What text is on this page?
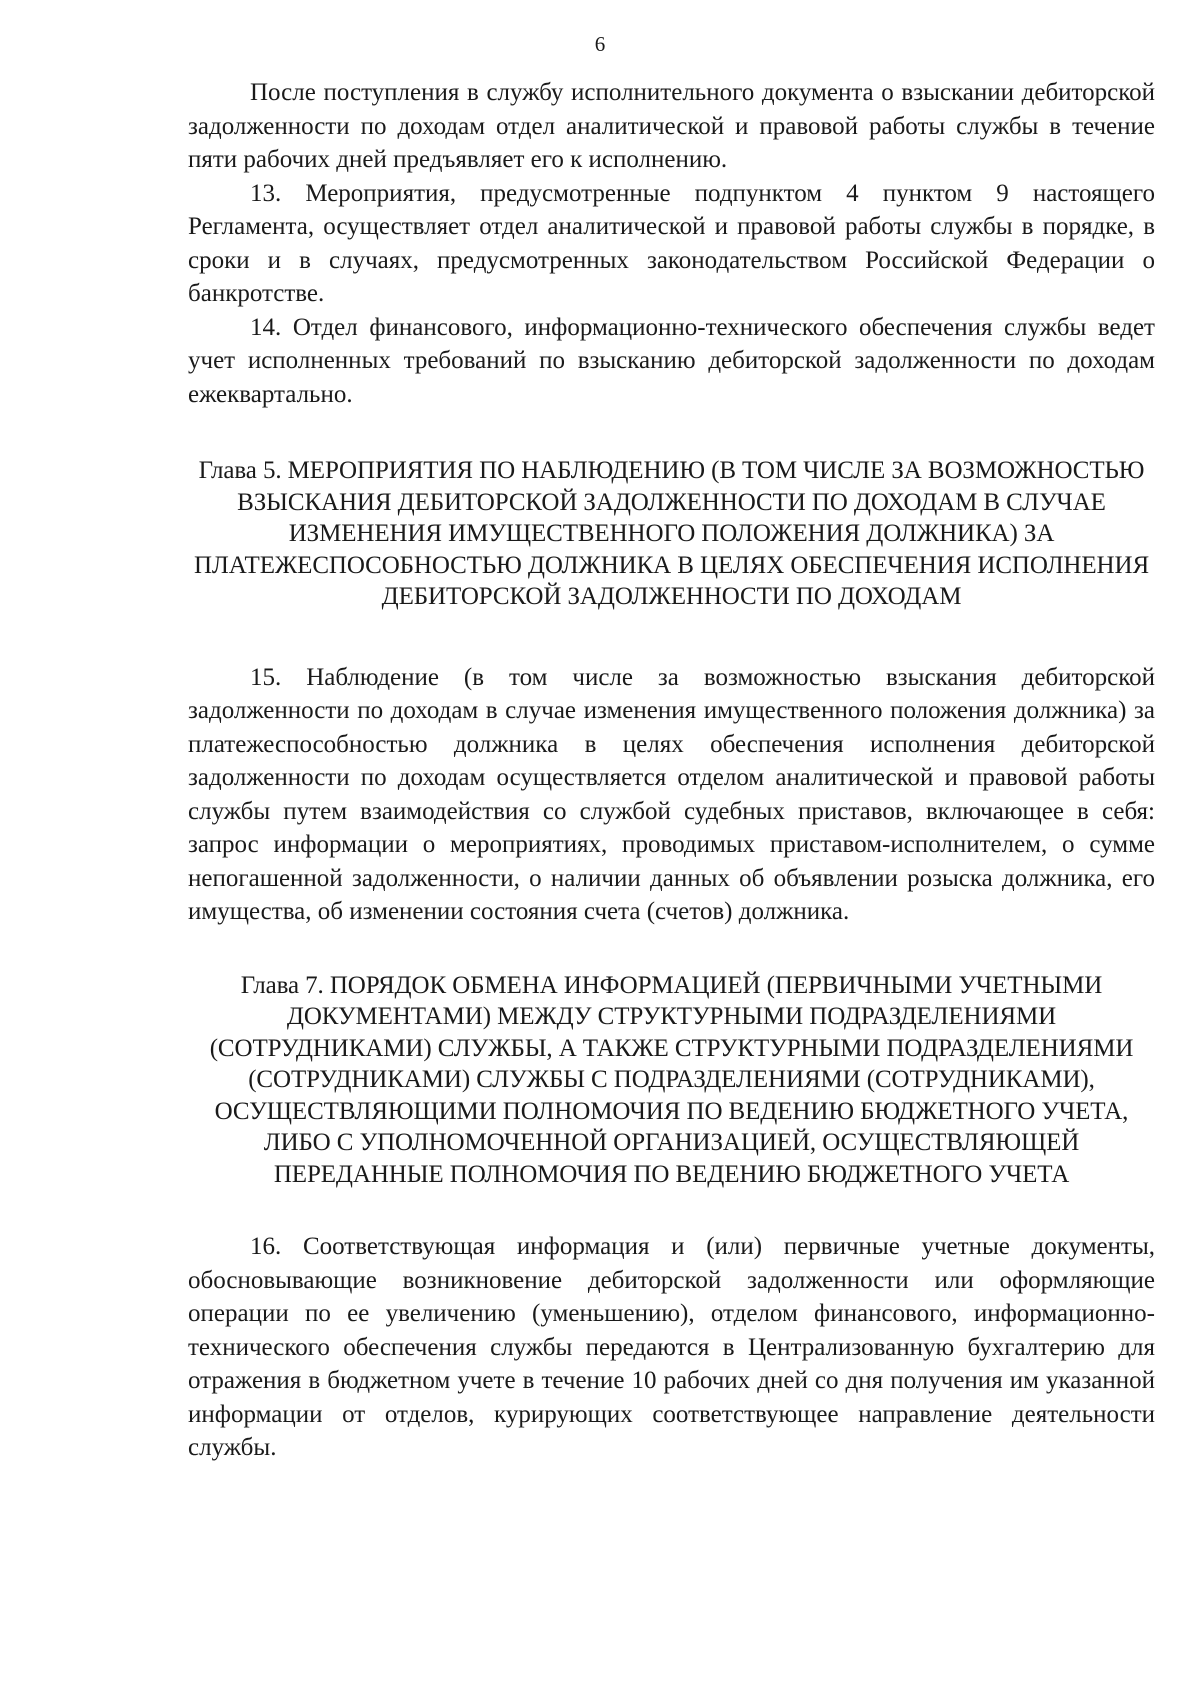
6

После поступления в службу исполнительного документа о взыскании дебиторской задолженности по доходам отдел аналитической и правовой работы службы в течение пяти рабочих дней предъявляет его к исполнению.

13. Мероприятия, предусмотренные подпунктом 4 пунктом 9 настоящего Регламента, осуществляет отдел аналитической и правовой работы службы в порядке, в сроки и в случаях, предусмотренных законодательством Российской Федерации о банкротстве.

14. Отдел финансового, информационно-технического обеспечения службы ведет учет исполненных требований по взысканию дебиторской задолженности по доходам ежеквартально.

Глава 5. МЕРОПРИЯТИЯ ПО НАБЛЮДЕНИЮ (В ТОМ ЧИСЛЕ ЗА ВОЗМОЖНОСТЬЮ ВЗЫСКАНИЯ ДЕБИТОРСКОЙ ЗАДОЛЖЕННОСТИ ПО ДОХОДАМ В СЛУЧАЕ ИЗМЕНЕНИЯ ИМУЩЕСТВЕННОГО ПОЛОЖЕНИЯ ДОЛЖНИКА) ЗА ПЛАТЕЖЕСПОСОБНОСТЬЮ ДОЛЖНИКА В ЦЕЛЯХ ОБЕСПЕЧЕНИЯ ИСПОЛНЕНИЯ ДЕБИТОРСКОЙ ЗАДОЛЖЕННОСТИ ПО ДОХОДАМ

15. Наблюдение (в том числе за возможностью взыскания дебиторской задолженности по доходам в случае изменения имущественного положения должника) за платежеспособностью должника в целях обеспечения исполнения дебиторской задолженности по доходам осуществляется отделом аналитической и правовой работы службы путем взаимодействия со службой судебных приставов, включающее в себя: запрос информации о мероприятиях, проводимых приставом-исполнителем, о сумме непогашенной задолженности, о наличии данных об объявлении розыска должника, его имущества, об изменении состояния счета (счетов) должника.

Глава 7. ПОРЯДОК ОБМЕНА ИНФОРМАЦИЕЙ (ПЕРВИЧНЫМИ УЧЕТНЫМИ ДОКУМЕНТАМИ) МЕЖДУ СТРУКТУРНЫМИ ПОДРАЗДЕЛЕНИЯМИ (СОТРУДНИКАМИ) СЛУЖБЫ, А ТАКЖЕ СТРУКТУРНЫМИ ПОДРАЗДЕЛЕНИЯМИ (СОТРУДНИКАМИ) СЛУЖБЫ С ПОДРАЗДЕЛЕНИЯМИ (СОТРУДНИКАМИ), ОСУЩЕСТВЛЯЮЩИМИ ПОЛНОМОЧИЯ ПО ВЕДЕНИЮ БЮДЖЕТНОГО УЧЕТА, ЛИБО С УПОЛНОМОЧЕННОЙ ОРГАНИЗАЦИЕЙ, ОСУЩЕСТВЛЯЮЩЕЙ ПЕРЕДАННЫЕ ПОЛНОМОЧИЯ ПО ВЕДЕНИЮ БЮДЖЕТНОГО УЧЕТА

16. Соответствующая информация и (или) первичные учетные документы, обосновывающие возникновение дебиторской задолженности или оформляющие операции по ее увеличению (уменьшению), отделом финансового, информационно-технического обеспечения службы передаются в Централизованную бухгалтерию для отражения в бюджетном учете в течение 10 рабочих дней со дня получения им указанной информации от отделов, курирующих соответствующее направление деятельности службы.
